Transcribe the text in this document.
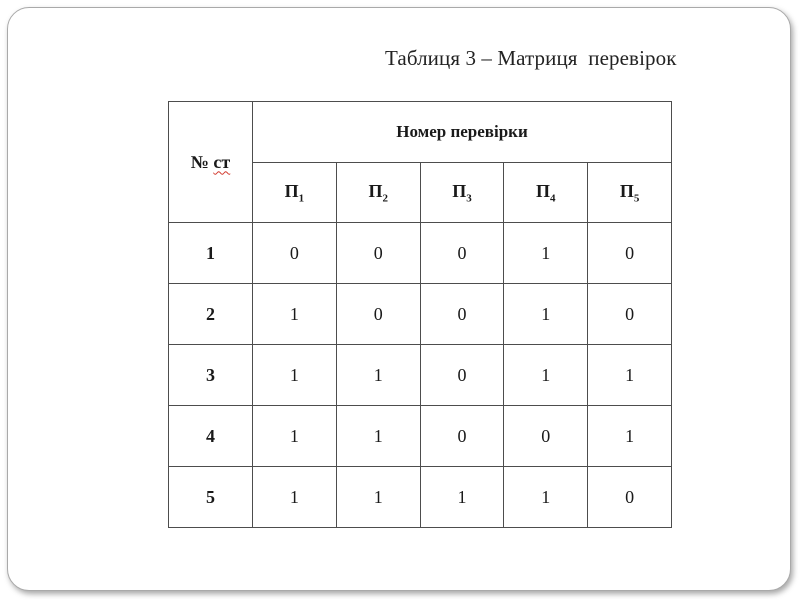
Таблиця 3 – Матриця  перевірок
№ ст	Номер перевірки				
	$П_1$	$П_2$	$П_3$	$П_4$	$П_5$
1	0	0	0	1	0
2	1	0	0	1	0
3	1	1	0	1	1
4	1	1	0	0	1
5	1	1	1	1	0
